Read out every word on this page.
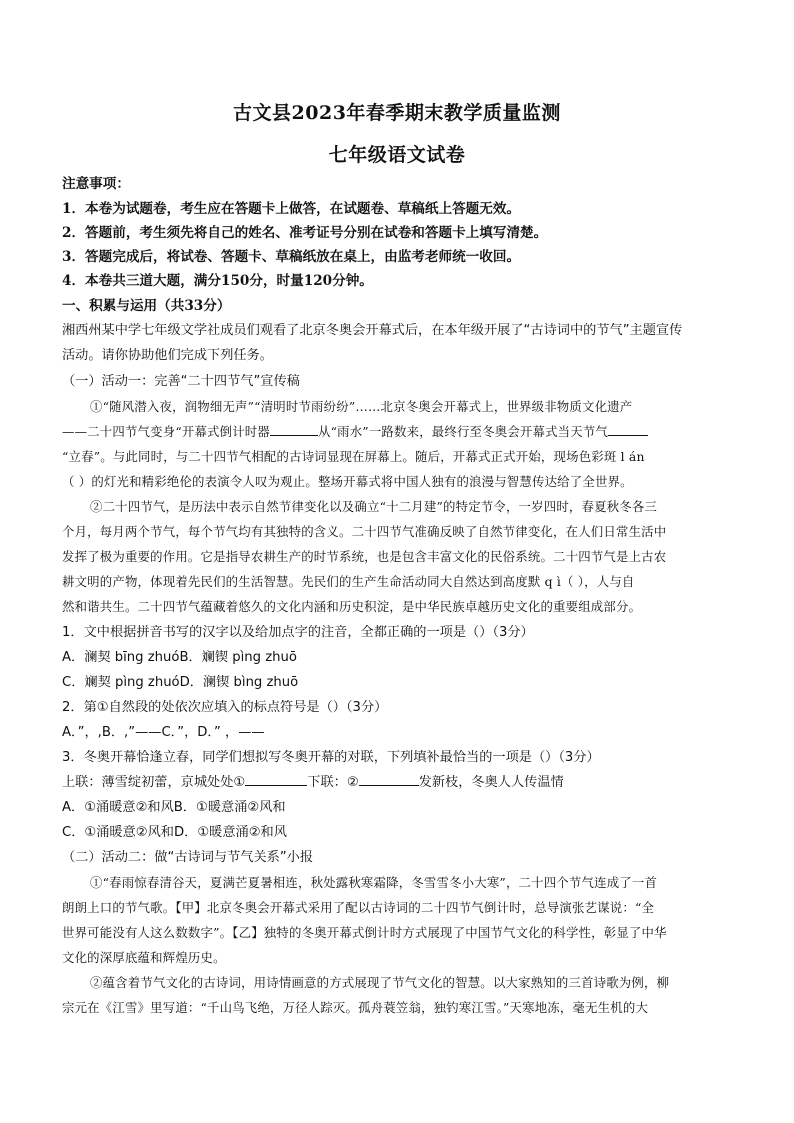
古文县2023年春季期末教学质量监测
七年级语文试卷
注意事项：
1．本卷为试题卷，考生应在答题卡上做答，在试题卷、草稿纸上答题无效。
2．答题前，考生须先将自己的姓名、准考证号分别在试卷和答题卡上填写清楚。
3．答题完成后，将试卷、答题卡、草稿纸放在桌上，由监考老师统一收回。
4．本卷共三道大题，满分150分，时量120分钟。
一、积累与运用（共33分）
湘西州某中学七年级文学社成员们观看了北京冬奥会开幕式后，在本年级开展了“古诗词中的节气”主题宣传
活动。请你协助他们完成下列任务。
（一）活动一：完善“二十四节气”宣传稿
①“随风潜入夜，润物细无声”“清明时节雨纷纷”……北京冬奥会开幕式上，世界级非物质文化遗产
——二十四节气变身“开幕式倒计时器	从“雨水”一路数来，最终行至冬奥会开幕式当天节气
“立春”。与此同时，与二十四节气相配的古诗词显现在屏幕上。随后，开幕式正式开始，现场色彩斑 l án
（ ）的灯光和精彩绝伦的表演令人叹为观止。整场开幕式将中国人独有的浪漫与智慧传达给了全世界。
②二十四节气，是历法中表示自然节律变化以及确立“十二月建”的特定节令，一岁四时，春夏秋冬各三
个月，每月两个节气，每个节气均有其独特的含义。二十四节气准确反映了自然节律变化，在人们日常生活中
发挥了极为重要的作用。它是指导农耕生产的时节系统，也是包含丰富文化的民俗系统。二十四节气是上古农
耕文明的产物，体现着先民们的生活智慧。先民们的生产生命活动同大自然达到高度默 q ì（ ），人与自
然和谐共生。二十四节气蕴藏着悠久的文化内涵和历史积淀，是中华民族卓越历史文化的重要组成部分。
1．文中根据拼音书写的汉字以及给加点字的注音，全都正确的一项是（）（3分）
A．澜契 bīng zhuóB．斓锲 pìng zhuō
C．斓契 pìng zhuóD．澜锲 bìng zhuō
2．第①自然段的处依次应填入的标点符号是（）（3分）
A．”，,B．,”——C．”，D．” ，——
3．冬奥开幕恰逢立春，同学们想拟写冬奥开幕的对联，下列填补最恰当的一项是（）（3分）
上联：薄雪绽初蕾，京城处处①	下联：②	发新枝，冬奥人人传温情
A．①涌暖意②和风B．①暖意涌②风和
C．①涌暖意②风和D．①暖意涌②和风
（二）活动二：做“古诗词与节气关系”小报
①“春雨惊春清谷天，夏满芒夏暑相连，秋处露秋寒霜降，冬雪雪冬小大寒”，二十四个节气连成了一首
朗朗上口的节气歌。【甲】北京冬奥会开幕式采用了配以古诗词的二十四节气倒计时，总导演张艺谋说：“全
世界可能没有人这么数数字”。【乙】独特的冬奥开幕式倒计时方式展现了中国节气文化的科学性，彰显了中华
文化的深厚底蕴和辉煌历史。
②蕴含着节气文化的古诗词，用诗情画意的方式展现了节气文化的智慧。以大家熟知的三首诗歌为例，柳
宗元在《江雪》里写道：“千山鸟飞绝，万径人踪灭。孤舟蓑笠翁，独钓寒江雪。”天寒地冻，毫无生机的大
